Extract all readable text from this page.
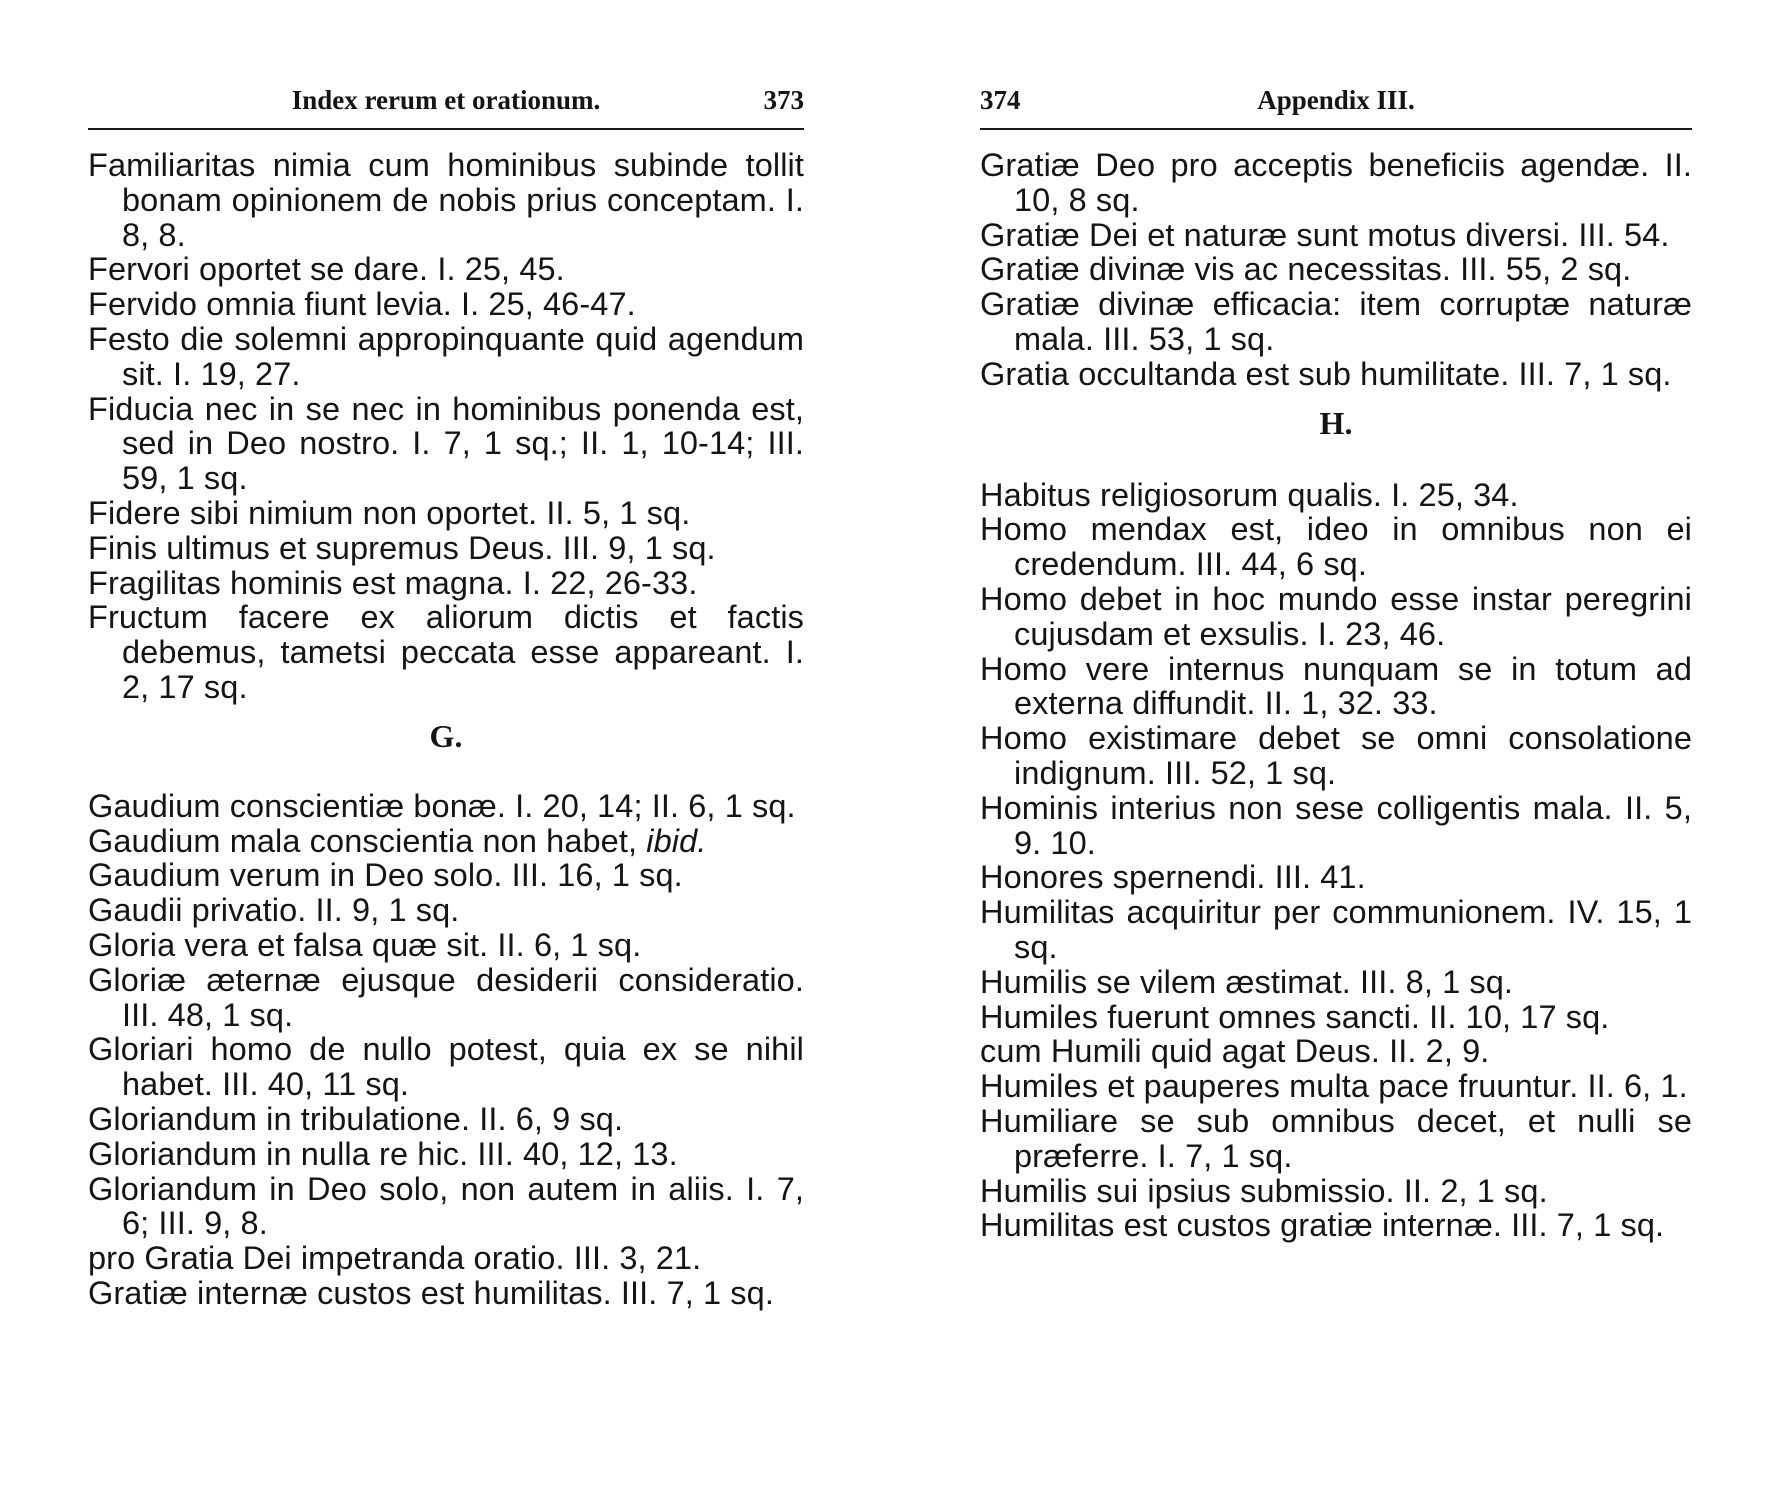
Index rerum et orationum.	373

Familiaritas nimia cum hominibus subinde tollit bonam opinionem de nobis prius conceptam. I. 8, 8.

Fervori oportet se dare. I. 25, 45.

Fervido omnia fiunt levia. I. 25, 46-47.

Festo die solemni appropinquante quid agendum sit. I. 19, 27.

Fiducia nec in se nec in hominibus ponenda est, sed in Deo nostro. I. 7, 1 sq.; II. 1, 10-14; III. 59, 1 sq.

Fidere sibi nimium non oportet. II. 5, 1 sq.

Finis ultimus et supremus Deus. III. 9, 1 sq.

Fragilitas hominis est magna. I. 22, 26-33.

Fructum facere ex aliorum dictis et factis debemus, tametsi peccata esse appareant. I. 2, 17 sq.

G.

Gaudium conscientiæ bonæ. I. 20, 14; II. 6, 1 sq.

Gaudium mala conscientia non habet, ibid.

Gaudium verum in Deo solo. III. 16, 1 sq.

Gaudii privatio. II. 9, 1 sq.

Gloria vera et falsa quæ sit. II. 6, 1 sq.

Gloriæ æternæ ejusque desiderii consideratio. III. 48, 1 sq.

Gloriari homo de nullo potest, quia ex se nihil habet. III. 40, 11 sq.

Gloriandum in tribulatione. II. 6, 9 sq.

Gloriandum in nulla re hic. III. 40, 12, 13.

Gloriandum in Deo solo, non autem in aliis. I. 7, 6; III. 9, 8.

pro Gratia Dei impetranda oratio. III. 3, 21.

Gratiæ internæ custos est humilitas. III. 7, 1 sq.

374	Appendix III.

Gratiæ Deo pro acceptis beneficiis agendæ. II. 10, 8 sq.

Gratiæ Dei et naturæ sunt motus diversi. III. 54.

Gratiæ divinæ vis ac necessitas. III. 55, 2 sq.

Gratiæ divinæ efficacia: item corruptæ naturæ mala. III. 53, 1 sq.

Gratia occultanda est sub humilitate. III. 7, 1 sq.

H.

Habitus religiosorum qualis. I. 25, 34.

Homo mendax est, ideo in omnibus non ei credendum. III. 44, 6 sq.

Homo debet in hoc mundo esse instar peregrini cujusdam et exsulis. I. 23, 46.

Homo vere internus nunquam se in totum ad externa diffundit. II. 1, 32. 33.

Homo existimare debet se omni consolatione indignum. III. 52, 1 sq.

Hominis interius non sese colligentis mala. II. 5, 9. 10.

Honores spernendi. III. 41.

Humilitas acquiritur per communionem. IV. 15, 1 sq.

Humilis se vilem æstimat. III. 8, 1 sq.

Humiles fuerunt omnes sancti. II. 10, 17 sq.

cum Humili quid agat Deus. II. 2, 9.

Humiles et pauperes multa pace fruuntur. II. 6, 1.

Humiliare se sub omnibus decet, et nulli se præferre. I. 7, 1 sq.

Humilis sui ipsius submissio. II. 2, 1 sq.

Humilitas est custos gratiæ internæ. III. 7, 1 sq.
